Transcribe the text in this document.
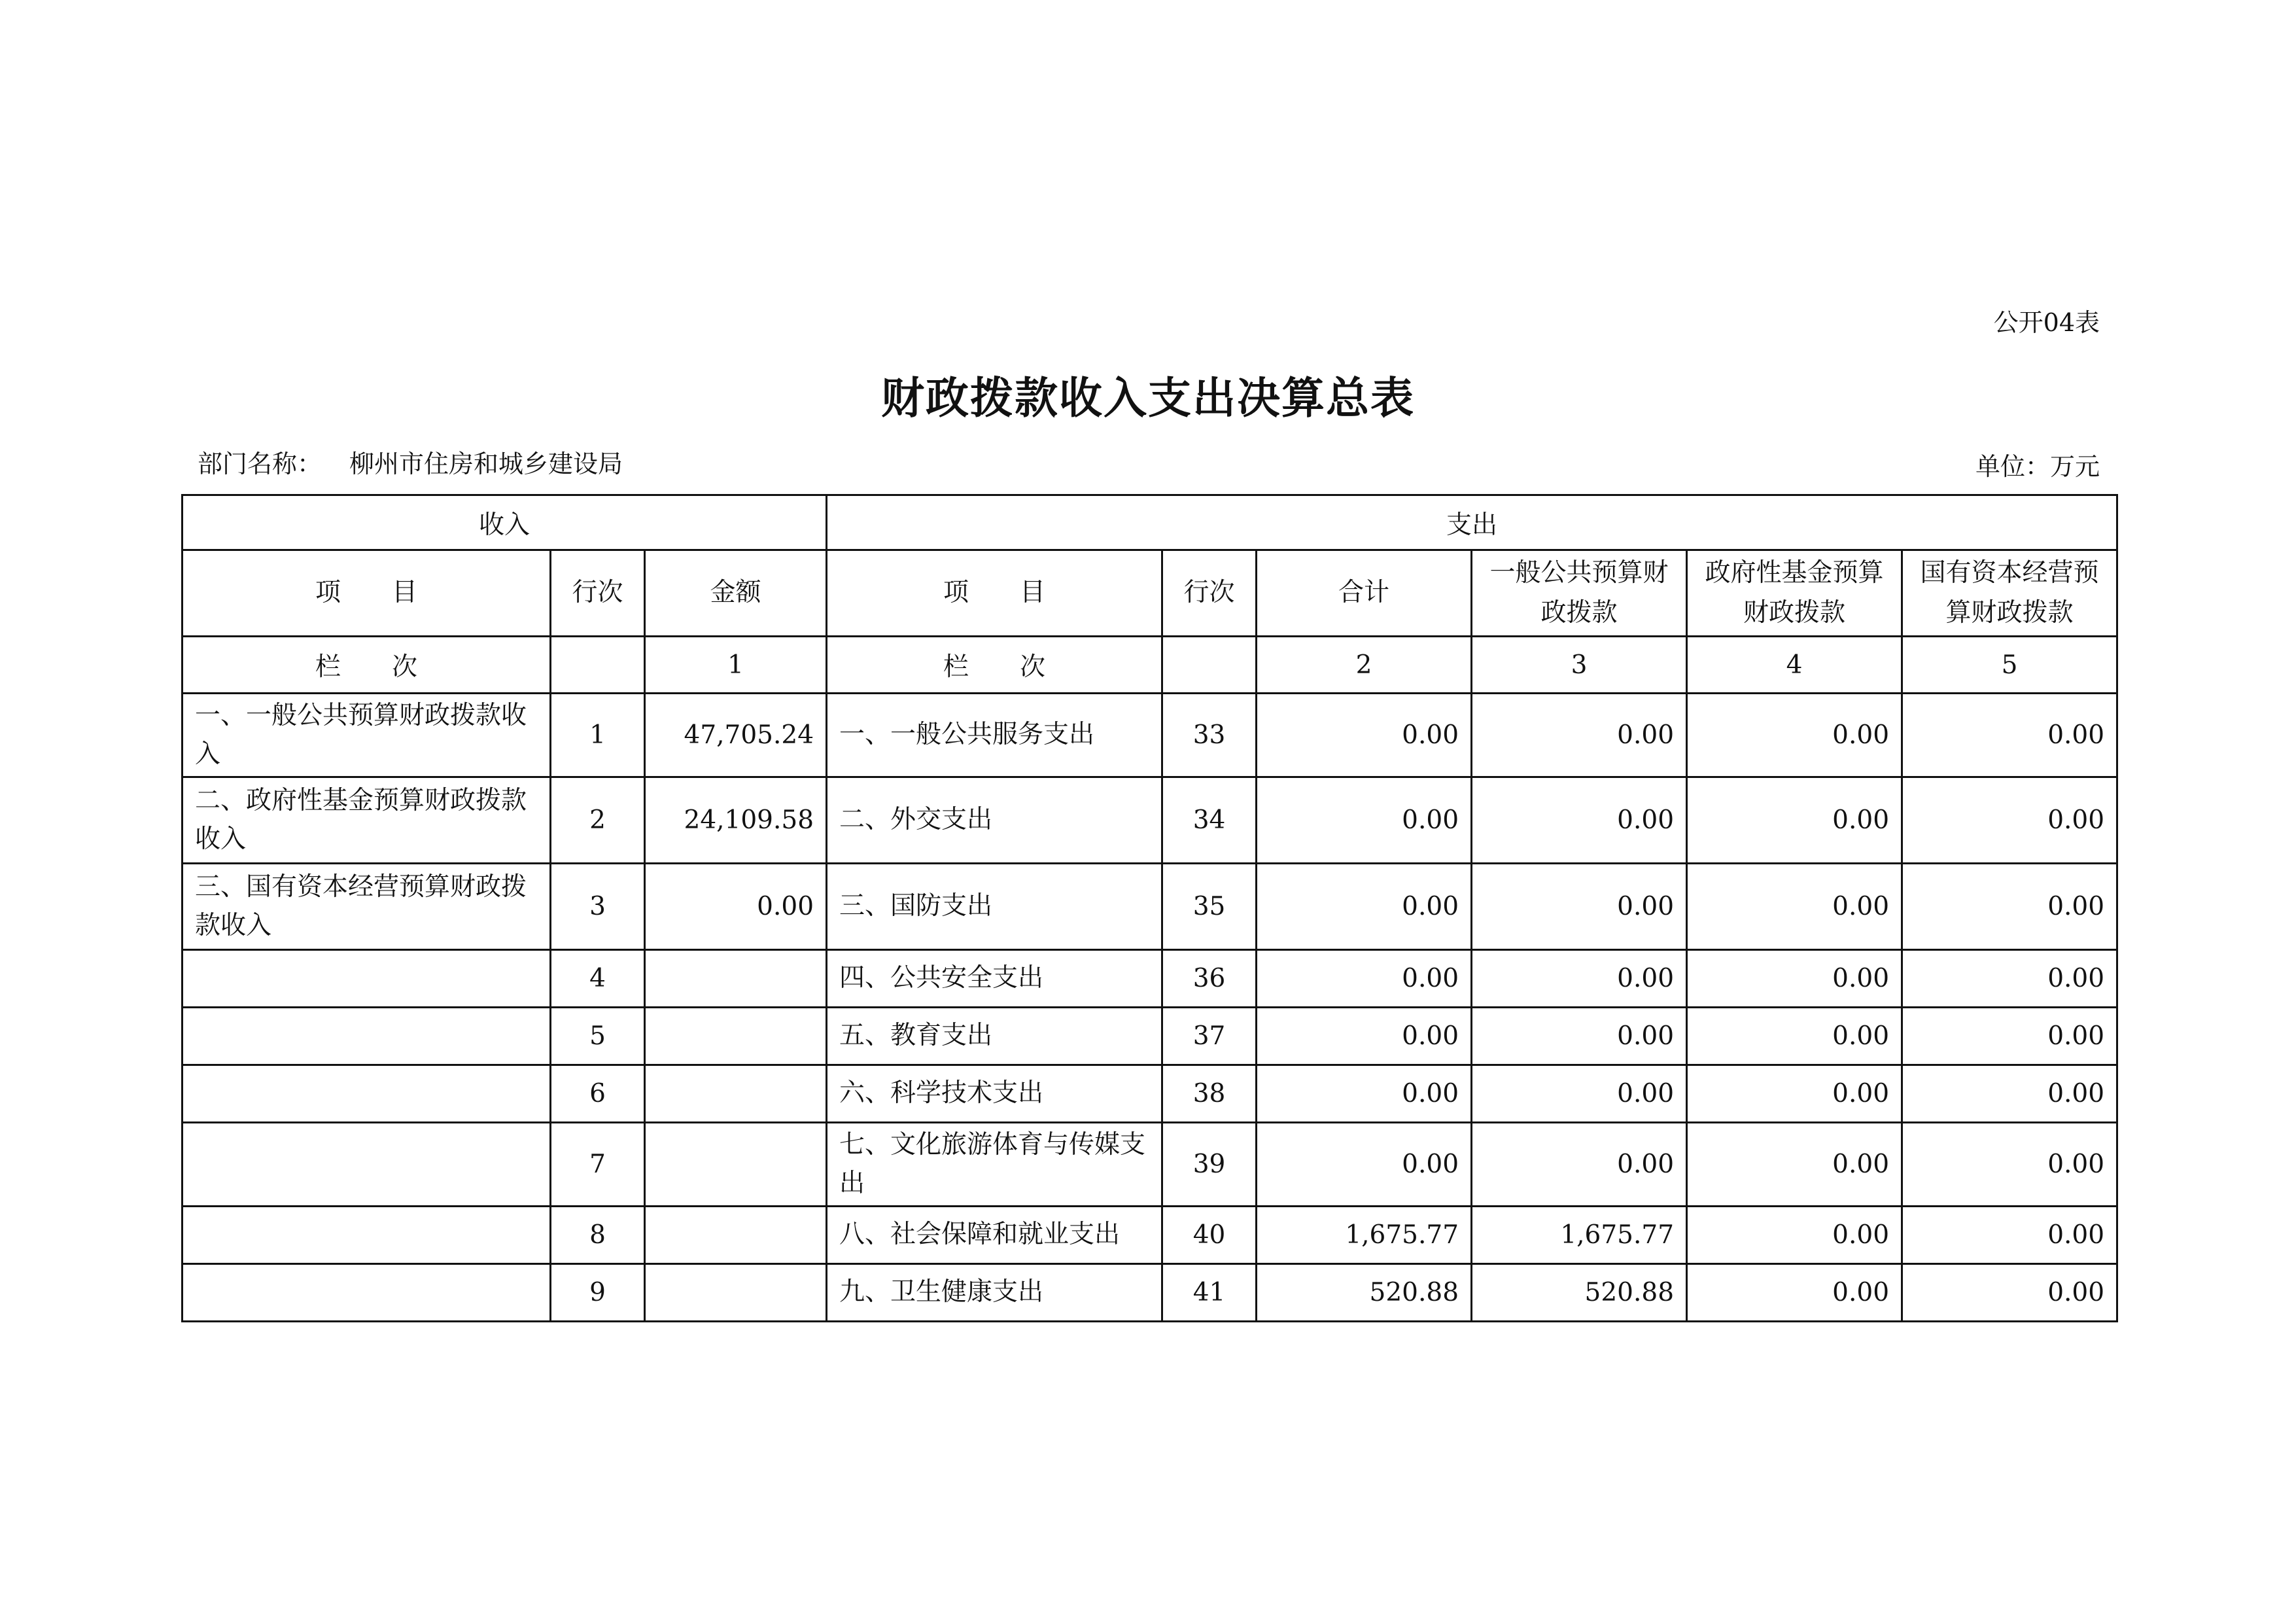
公开04表
财政拨款收入支出决算总表
部门名称： 柳州市住房和城乡建设局	单位：万元
收入			支出					
项　　目	行次	金额	项　　目	行次	合计	一般公共预算财政拨款	政府性基金预算财政拨款	国有资本经营预算财政拨款
栏　　次		1	栏　　次		2	3	4	5
一、一般公共预算财政拨款收入	1	47,705.24	一、一般公共服务支出	33	0.00	0.00	0.00	0.00
二、政府性基金预算财政拨款收入	2	24,109.58	二、外交支出	34	0.00	0.00	0.00	0.00
三、国有资本经营预算财政拨款收入	3	0.00	三、国防支出	35	0.00	0.00	0.00	0.00
	4		四、公共安全支出	36	0.00	0.00	0.00	0.00
	5		五、教育支出	37	0.00	0.00	0.00	0.00
	6		六、科学技术支出	38	0.00	0.00	0.00	0.00
	7		七、文化旅游体育与传媒支出	39	0.00	0.00	0.00	0.00
	8		八、社会保障和就业支出	40	1,675.77	1,675.77	0.00	0.00
	9		九、卫生健康支出	41	520.88	520.88	0.00	0.00
